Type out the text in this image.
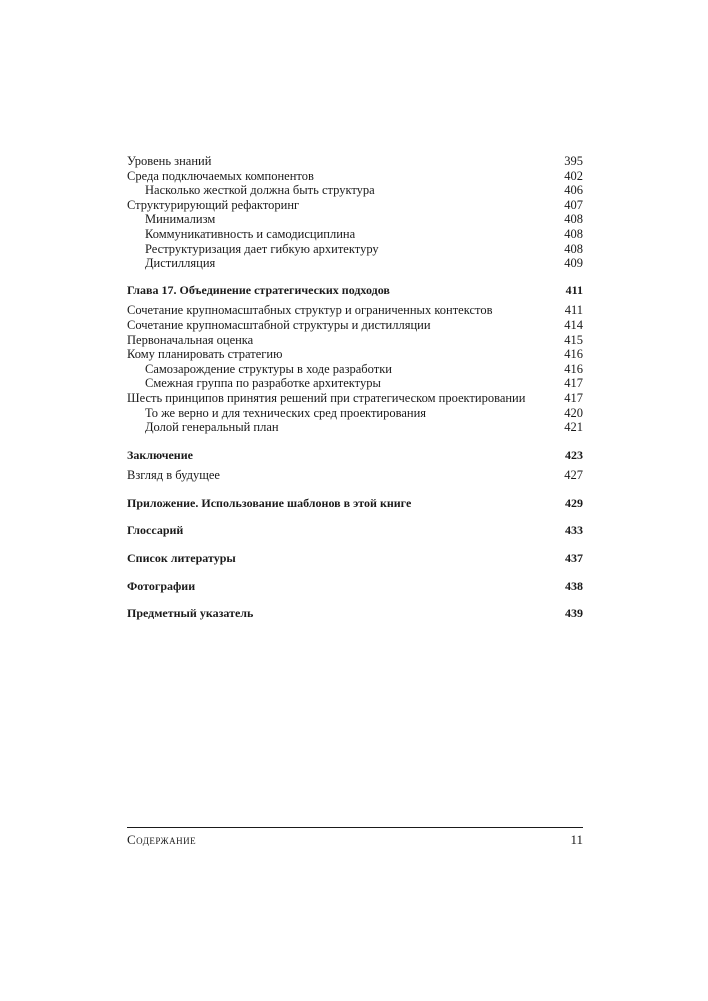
Уровень знаний	395
Среда подключаемых компонентов	402
Насколько жесткой должна быть структура	406
Структурирующий рефакторинг	407
Минимализм	408
Коммуникативность и самодисциплина	408
Реструктуризация дает гибкую архитектуру	408
Дистилляция	409
Глава 17. Объединение стратегических подходов	411
Сочетание крупномасштабных структур и ограниченных контекстов	411
Сочетание крупномасштабной структуры и дистилляции	414
Первоначальная оценка	415
Кому планировать стратегию	416
Самозарождение структуры в ходе разработки	416
Смежная группа по разработке архитектуры	417
Шесть принципов принятия решений при стратегическом проектировании	417
То же верно и для технических сред проектирования	420
Долой генеральный план	421
Заключение	423
Взгляд в будущее	427
Приложение. Использование шаблонов в этой книге	429
Глоссарий	433
Список литературы	437
Фотографии	438
Предметный указатель	439
Содержание	11
